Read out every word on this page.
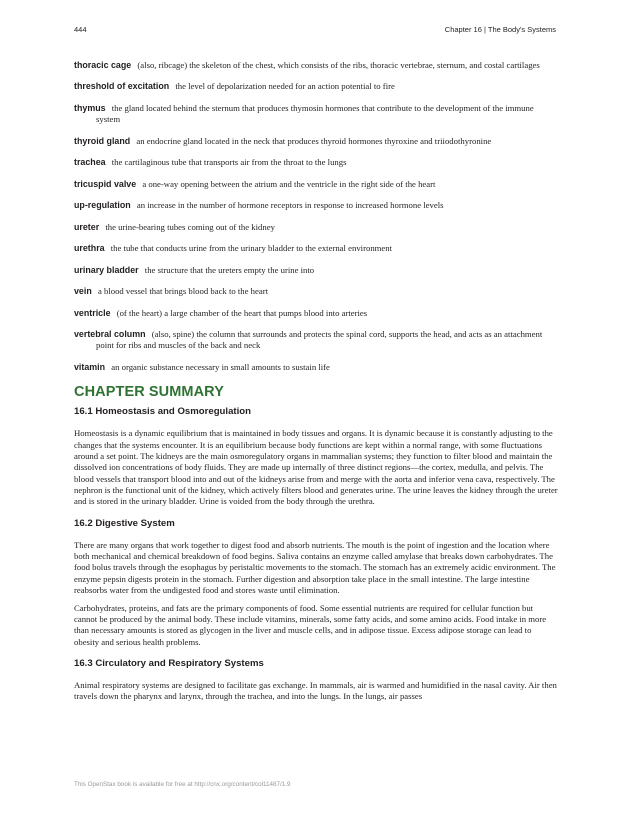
444	Chapter 16 | The Body's Systems

thoracic cage (also, ribcage) the skeleton of the chest, which consists of the ribs, thoracic vertebrae, sternum, and costal cartilages

threshold of excitation the level of depolarization needed for an action potential to fire

thymus the gland located behind the sternum that produces thymosin hormones that contribute to the development of the immune system

thyroid gland an endocrine gland located in the neck that produces thyroid hormones thyroxine and triiodothyronine

trachea the cartilaginous tube that transports air from the throat to the lungs

tricuspid valve a one-way opening between the atrium and the ventricle in the right side of the heart

up-regulation an increase in the number of hormone receptors in response to increased hormone levels

ureter the urine-bearing tubes coming out of the kidney

urethra the tube that conducts urine from the urinary bladder to the external environment

urinary bladder the structure that the ureters empty the urine into

vein a blood vessel that brings blood back to the heart

ventricle (of the heart) a large chamber of the heart that pumps blood into arteries

vertebral column (also, spine) the column that surrounds and protects the spinal cord, supports the head, and acts as an attachment point for ribs and muscles of the back and neck

vitamin an organic substance necessary in small amounts to sustain life

CHAPTER SUMMARY
16.1 Homeostasis and Osmoregulation

Homeostasis is a dynamic equilibrium that is maintained in body tissues and organs. It is dynamic because it is constantly adjusting to the changes that the systems encounter. It is an equilibrium because body functions are kept within a normal range, with some fluctuations around a set point. The kidneys are the main osmoregulatory organs in mammalian systems; they function to filter blood and maintain the dissolved ion concentrations of body fluids. They are made up internally of three distinct regions—the cortex, medulla, and pelvis. The blood vessels that transport blood into and out of the kidneys arise from and merge with the aorta and inferior vena cava, respectively. The nephron is the functional unit of the kidney, which actively filters blood and generates urine. The urine leaves the kidney through the ureter and is stored in the urinary bladder. Urine is voided from the body through the urethra.

16.2 Digestive System

There are many organs that work together to digest food and absorb nutrients. The mouth is the point of ingestion and the location where both mechanical and chemical breakdown of food begins. Saliva contains an enzyme called amylase that breaks down carbohydrates. The food bolus travels through the esophagus by peristaltic movements to the stomach. The stomach has an extremely acidic environment. The enzyme pepsin digests protein in the stomach. Further digestion and absorption take place in the small intestine. The large intestine reabsorbs water from the undigested food and stores waste until elimination.

Carbohydrates, proteins, and fats are the primary components of food. Some essential nutrients are required for cellular function but cannot be produced by the animal body. These include vitamins, minerals, some fatty acids, and some amino acids. Food intake in more than necessary amounts is stored as glycogen in the liver and muscle cells, and in adipose tissue. Excess adipose storage can lead to obesity and serious health problems.

16.3 Circulatory and Respiratory Systems

Animal respiratory systems are designed to facilitate gas exchange. In mammals, air is warmed and humidified in the nasal cavity. Air then travels down the pharynx and larynx, through the trachea, and into the lungs. In the lungs, air passes

This OpenStax book is available for free at http://cnx.org/content/col11487/1.9
